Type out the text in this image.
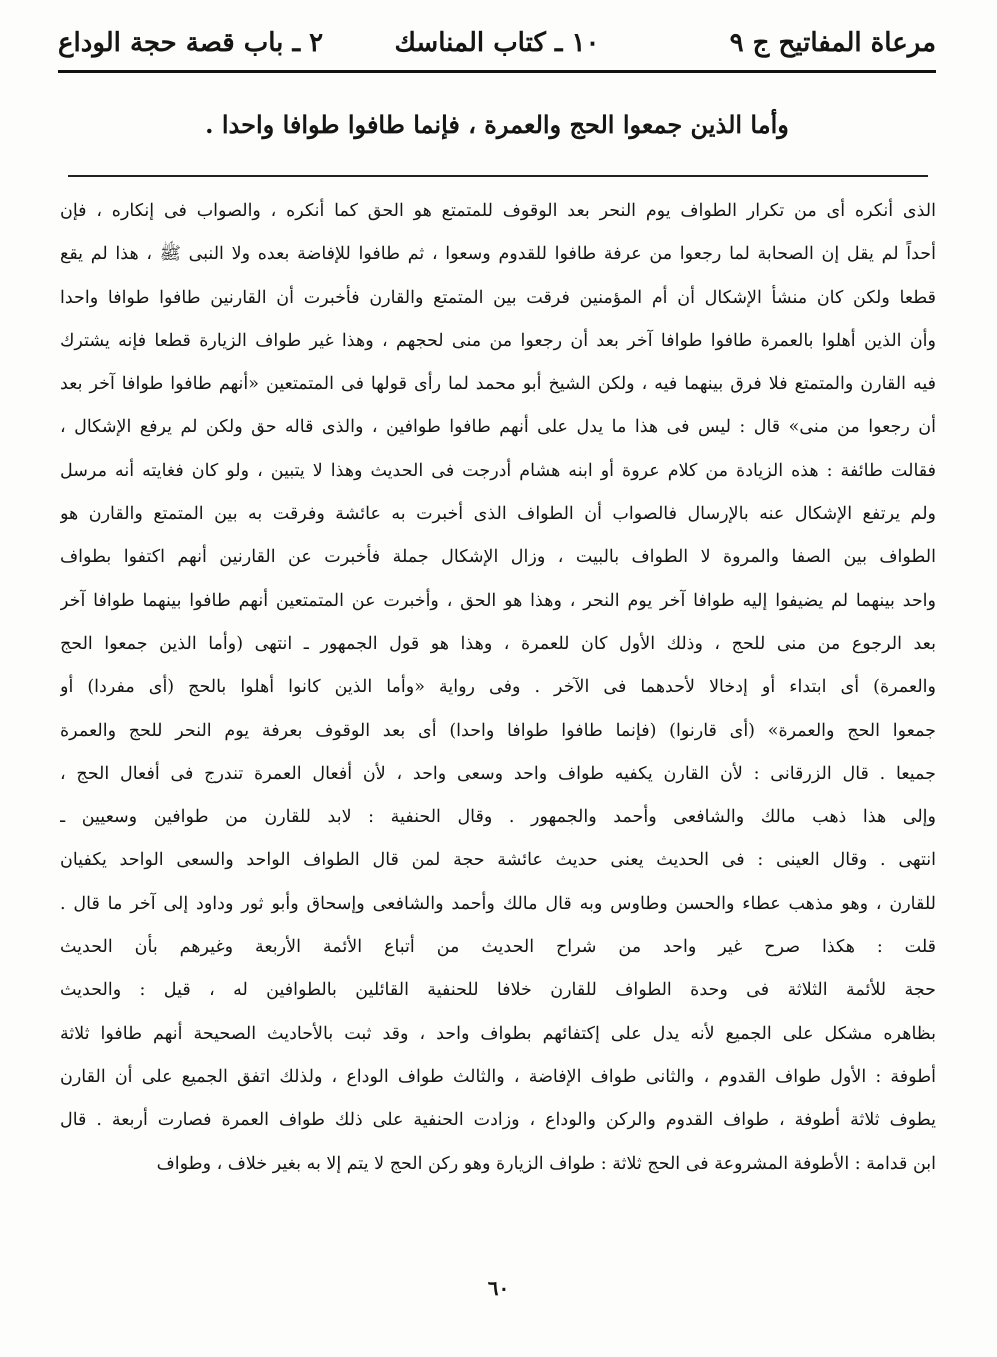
مرعاة المفاتيح ج ٩
١٠ ـ كتاب المناسك
٢ ـ باب قصة حجة الوداع
وأما الذين جمعوا الحج والعمرة ، فإنما طافوا طوافا واحدا .
الذى أنكره أى من تكرار الطواف يوم النحر بعد الوقوف للمتمتع هو الحق كما أنكره ، والصواب فى إنكاره ، فإن
أحداً لم يقل إن الصحابة لما رجعوا من عرفة طافوا للقدوم وسعوا ، ثم طافوا للإفاضة بعده ولا النبى ﷺ ، هذا لم يقع
قطعا ولكن كان منشأ الإشكال أن أم المؤمنين فرقت بين المتمتع والقارن فأخبرت أن القارنين طافوا طوافا واحدا
وأن الذين أهلوا بالعمرة طافوا طوافا آخر بعد أن رجعوا من منى لحجهم ، وهذا غير طواف الزيارة قطعا فإنه يشترك
فيه القارن والمتمتع فلا فرق بينهما فيه ، ولكن الشيخ أبو محمد لما رأى قولها فى المتمتعين «أنهم طافوا طوافا آخر بعد
أن رجعوا من منى» قال : ليس فى هذا ما يدل على أنهم طافوا طوافين ، والذى قاله حق ولكن لم يرفع الإشكال ،
فقالت طائفة : هذه الزيادة من كلام عروة أو ابنه هشام أدرجت فى الحديث وهذا لا يتبين ، ولو كان فغايته أنه مرسل
ولم يرتفع الإشكال عنه بالإرسال فالصواب أن الطواف الذى أخبرت به عائشة وفرقت به بين المتمتع والقارن هو
الطواف بين الصفا والمروة لا الطواف بالبيت ، وزال الإشكال جملة فأخبرت عن القارنين أنهم اكتفوا بطواف
واحد بينهما لم يضيفوا إليه طوافا آخر يوم النحر ، وهذا هو الحق ، وأخبرت عن المتمتعين أنهم طافوا بينهما طوافا آخر
بعد الرجوع من منى للحج ، وذلك الأول كان للعمرة ، وهذا هو قول الجمهور ـ انتهى (وأما الذين جمعوا الحج
والعمرة) أى ابتداء أو إدخالا لأحدهما فى الآخر . وفى رواية «وأما الذين كانوا أهلوا بالحج (أى مفردا) أو
جمعوا الحج والعمرة» (أى قارنوا) (فإنما طافوا طوافا واحدا) أى بعد الوقوف بعرفة يوم النحر للحج والعمرة
جميعا . قال الزرقانى : لأن القارن يكفيه طواف واحد وسعى واحد ، لأن أفعال العمرة تندرج فى أفعال الحج ،
وإلى هذا ذهب مالك والشافعى وأحمد والجمهور . وقال الحنفية : لابد للقارن من طوافين وسعيين ـ
انتهى . وقال العينى : فى الحديث يعنى حديث عائشة حجة لمن قال الطواف الواحد والسعى الواحد يكفيان
للقارن ، وهو مذهب عطاء والحسن وطاوس وبه قال مالك وأحمد والشافعى وإسحاق وأبو ثور وداود إلى آخر ما قال .
قلت : هكذا صرح غير واحد من شراح الحديث من أتباع الأئمة الأربعة وغيرهم بأن الحديث
حجة للأئمة الثلاثة فى وحدة الطواف للقارن خلافا للحنفية القائلين بالطوافين له ، قيل : والحديث
بظاهره مشكل على الجميع لأنه يدل على إكتفائهم بطواف واحد ، وقد ثبت بالأحاديث الصحيحة أنهم طافوا ثلاثة
أطوفة : الأول طواف القدوم ، والثانى طواف الإفاضة ، والثالث طواف الوداع ، ولذلك اتفق الجميع على أن القارن
يطوف ثلاثة أطوفة ، طواف القدوم والركن والوداع ، وزادت الحنفية على ذلك طواف العمرة فصارت أربعة . قال
ابن قدامة : الأطوفة المشروعة فى الحج ثلاثة : طواف الزيارة وهو ركن الحج لا يتم إلا به بغير خلاف ، وطواف
٦٠
